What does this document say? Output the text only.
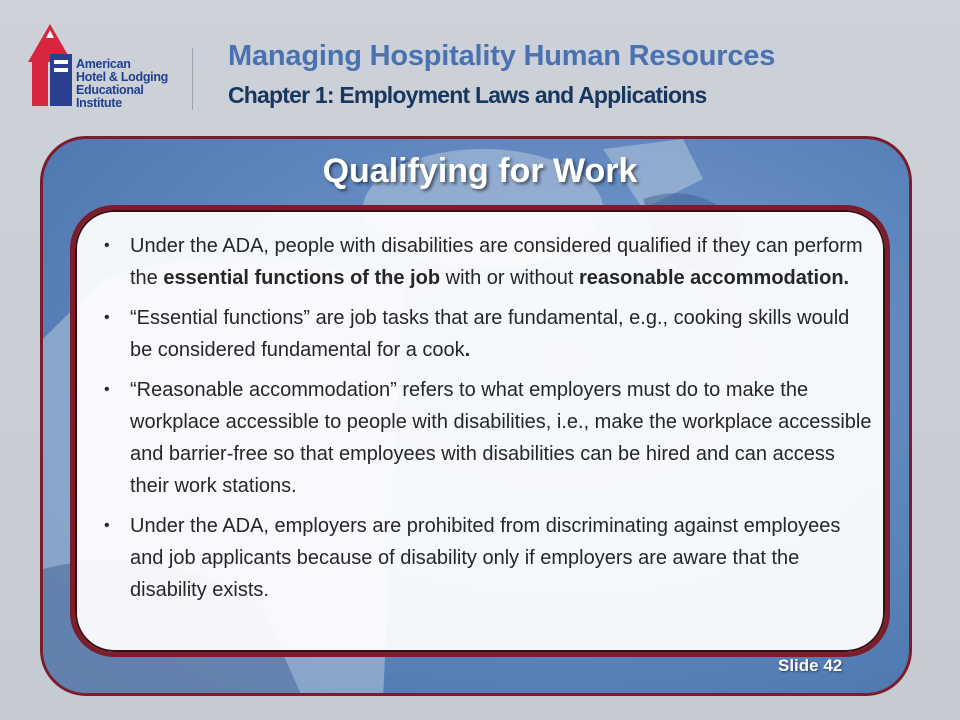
American
Hotel & Lodging
Educational Institute
Managing Hospitality Human Resources
Chapter 1: Employment Laws and Applications
Qualifying for Work
• Under the ADA, people with disabilities are considered qualified if they can perform the essential functions of the job with or without reasonable accommodation.
• “Essential functions” are job tasks that are fundamental, e.g., cooking skills would be considered fundamental for a cook.
• “Reasonable accommodation” refers to what employers must do to make the workplace accessible to people with disabilities, i.e., make the workplace accessible and barrier-free so that employees with disabilities can be hired and can access their work stations.
• Under the ADA, employers are prohibited from discriminating against employees and job applicants because of disability only if employers are aware that the disability exists.

Slide 42
